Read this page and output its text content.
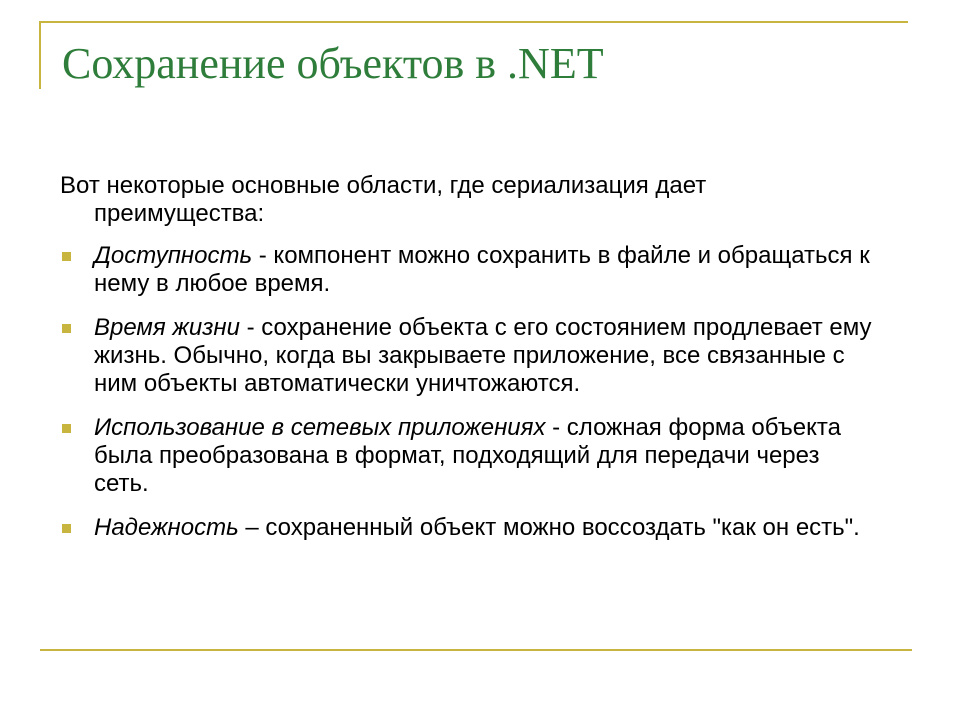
Сохранение объектов в .NET

Вот некоторые основные области, где сериализация дает преимущества:

Доступность - компонент можно сохранить в файле и обращаться к нему в любое время.
Время жизни - сохранение объекта с его состоянием продлевает ему жизнь. Обычно, когда вы закрываете приложение, все связанные с ним объекты автоматически уничтожаются.
Использование в сетевых приложениях - сложная форма объекта была преобразована в формат, подходящий для передачи через сеть.
Надежность – сохраненный объект можно воссоздать "как он есть".
